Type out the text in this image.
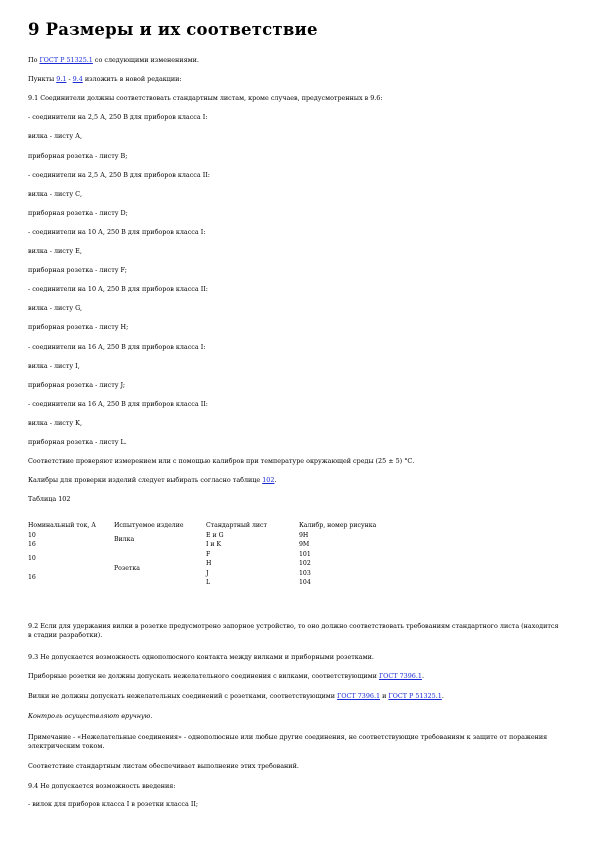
9 Размеры и их соответствие

По ГОСТ Р 51325.1 со следующими изменениями.

Пункты 9.1 - 9.4 изложить в новой редакции:

9.1 Соединители должны соответствовать стандартным листам, кроме случаев, предусмотренных в 9.6:

- соединители на 2,5 А, 250 В для приборов класса I:

вилка - листу А,

приборная розетка - листу В;

- соединители на 2,5 А, 250 В для приборов класса II:

вилка - листу С,

приборная розетка - листу D;

- соединители на 10 А, 250 В для приборов класса I:

вилка - листу Е,

приборная розетка - листу F;

- соединители на 10 А, 250 В для приборов класса II:

вилка - листу G,

приборная розетка - листу Н;

- соединители на 16 А, 250 В для приборов класса I:

вилка - листу I,

приборная розетка - листу J;

- соединители на 16 А, 250 В для приборов класса II:

вилка - листу K,

приборная розетка - листу L.

Соответствие проверяют измерением или с помощью калибров при температуре окружающей среды (25 ± 5) °С.

Калибры для проверки изделий следует выбирать согласно таблице 102.

Таблица 102

Номинальный ток, А	Испытуемое изделие	Стандартный лист	Калибр, номер рисунка
10	Вилка	Е и G	9Н
16		I и K	9М
10	Розетка	F	101
		Н	102
16		J	103
		L	104

9.2 Если для удержания вилки в розетке предусмотрено запорное устройство, то оно должно соответствовать требованиям стандартного листа (находится в стадии разработки).

9.3 Не допускается возможность однополюсного контакта между вилками и приборными розетками.

Приборные розетки не должны допускать нежелательного соединения с вилками, соответствующими ГОСТ 7396.1.

Вилки не должны допускать нежелательных соединений с розетками, соответствующими ГОСТ 7396.1 и ГОСТ Р 51325.1.

Контроль осуществляют вручную.

Примечание - «Нежелательные соединения» - однополюсные или любые другие соединения, не соответствующие требованиям к защите от поражения электрическим током.

Соответствие стандартным листам обеспечивает выполнение этих требований.

9.4 Не допускается возможность введения:

- вилок для приборов класса I в розетки класса II;
